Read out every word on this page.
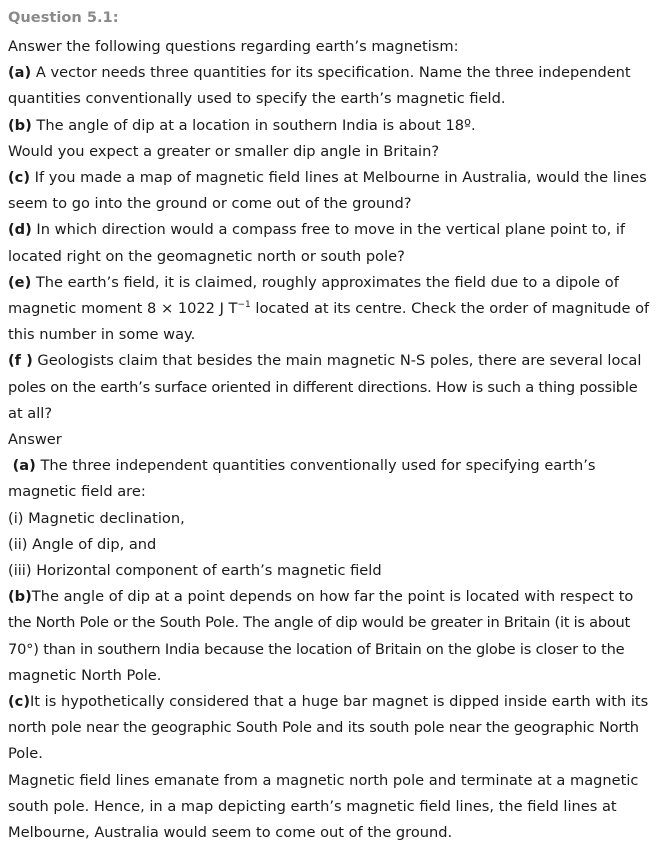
Question 5.1:

Answer the following questions regarding earth’s magnetism:

(a) A vector needs three quantities for its specification. Name the three independent

quantities conventionally used to specify the earth’s magnetic field.

(b) The angle of dip at a location in southern India is about 18º.

Would you expect a greater or smaller dip angle in Britain?

(c) If you made a map of magnetic field lines at Melbourne in Australia, would the lines

seem to go into the ground or come out of the ground?

(d) In which direction would a compass free to move in the vertical plane point to, if

located right on the geomagnetic north or south pole?

(e) The earth’s field, it is claimed, roughly approximates the field due to a dipole of

magnetic moment 8 × 1022 J $T^{-1}$ located at its centre. Check the order of magnitude of

this number in some way.

(f ) Geologists claim that besides the main magnetic N-S poles, there are several local

poles on the earth’s surface oriented in different directions. How is such a thing possible

at all?

Answer

(a) The three independent quantities conventionally used for specifying earth’s

magnetic field are:

(i) Magnetic declination,

(ii) Angle of dip, and

(iii) Horizontal component of earth’s magnetic field

(b)The angle of dip at a point depends on how far the point is located with respect to

the North Pole or the South Pole. The angle of dip would be greater in Britain (it is about

70°) than in southern India because the location of Britain on the globe is closer to the

magnetic North Pole.

(c)It is hypothetically considered that a huge bar magnet is dipped inside earth with its

north pole near the geographic South Pole and its south pole near the geographic North

Pole.

Magnetic field lines emanate from a magnetic north pole and terminate at a magnetic

south pole. Hence, in a map depicting earth’s magnetic field lines, the field lines at

Melbourne, Australia would seem to come out of the ground.
